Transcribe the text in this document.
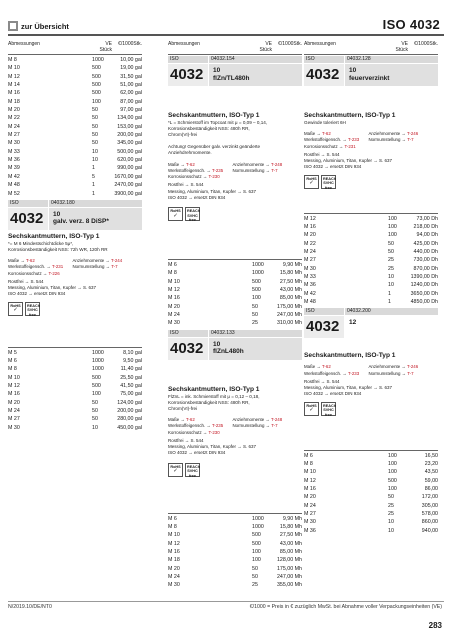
zur Übersicht	ISO 4032
Abmessungen	VE Stück
€/1000Stk.
M 8	1000	10,00 gal
M 10	500	19,00 gal
M 12	500	31,50 gal
M 14	500	51,00 gal
M 16	500	62,00 gal
M 18	100	87,00 gal
M 20	50	97,00 gal
M 22	50	134,00 gal
M 24	50	153,00 gal
M 27	50	200,00 gal
M 30	50	345,00 gal
M 33	10	500,00 gal
M 36	10	620,00 gal
M 39	1	990,00 gal
M 42	5	1670,00 gal
M 48	1	2470,00 gal
M 52	1	3900,00 gal
ISO	04032.180
4032	10
galv. verz. 8 DiSP*
Sechskantmuttern, ISO-Typ 1
*= M 6 Mindestschichtdicke 5μ*,
Korrosionsbeständigkeit NSS: 72h WR, 120h RR
Maße → T-62
Werkstoffeigensch. → T-231
Korrosionsschutz → T-226
Anziehmomente → T-244
Normumstellung → T-7
Rostfrei → S. 544
Messing, Aluminium, Titan, Kupfer → S. 637
ISO 4032 → ersetzt DIN 934
RoHS
✓
REACh SVHC free
M 5	1000	8,10 gal
M 6	1000	9,50 gal
M 8	1000	11,40 gal
M 10	500	25,50 gal
M 12	500	41,50 gal
M 16	100	75,00 gal
M 20	50	124,00 gal
M 24	50	200,00 gal
M 27	50	280,00 gal
M 30	10	450,00 gal
Abmessungen	VE Stück
€/1000Stk.
ISO	04032.154
4032	10
flZn/TL480h
Sechskantmuttern, ISO-Typ 1
*L = Schmierstoff im Topcoat mit μ = 0,09 – 0,14,
Korrosionsbeständigkeit NSS: 480h RR,
Chrom(VI)-frei

Achtung! Gegenüber galv. verzinkt geänderte
Anziehdrehmomente.
Maße → T-62
Werkstoffeigensch. → T-235
Korrosionsschutz → T-230
Anziehmomente → T-248
Normumstellung → T-7
Rostfrei → S. 544
Messing, Aluminium, Titan, Kupfer → S. 637
ISO 4032 → ersetzt DIN 934
RoHS
✓
REACh SVHC free
M 6	1000	9,90 Mh
M 8	1000	15,80 Mh
M 10	500	27,50 Mh
M 12	500	43,00 Mh
M 16	100	85,00 Mh
M 20	50	175,00 Mh
M 24	50	247,00 Mh
M 30	25	310,00 Mh
ISO	04032.133
4032	10
flZnL480h
Sechskantmuttern, ISO-Typ 1
FlZnL = ink. Schmierstoff mit μ = 0,12 – 0,18,
Korrosionsbeständigkeit NSS: 480h RR,
Chrom(VI)-frei
Maße → T-62
Werkstoffeigensch. → T-235
Korrosionsschutz → T-230
Anziehmomente → T-248
Normumstellung → T-7
Rostfrei → S. 544
Messing, Aluminium, Titan, Kupfer → S. 637
ISO 4032 → ersetzt DIN 934
RoHS
✓
REACh SVHC free
M 6	1000	9,90 Mh
M 8	1000	15,80 Mh
M 10	500	27,50 Mh
M 12	500	43,00 Mh
M 16	100	85,00 Mh
M 18	100	128,00 Mh
M 20	50	175,00 Mh
M 24	50	247,00 Mh
M 30	25	355,00 Mh
Abmessungen	VE Stück
€/1000Stk.
ISO	04032.128
4032	10
feuerverzinkt
Sechskantmuttern, ISO-Typ 1
Gewinde toleriert 6H
Maße → T-62
Werkstoffeigensch. → T-233
Korrosionsschutz → T-231
Anziehmomente → T-246
Normumstellung → T-7
Rostfrei → S. 544
Messing, Aluminium, Titan, Kupfer → S. 637
ISO 4032 → ersetzt DIN 934
RoHS
✓
REACh SVHC free
M 12	100	73,00 Dh
M 16	100	218,00 Dh
M 20	100	94,00 Dh
M 22	50	425,00 Dh
M 24	50	440,00 Dh
M 27	25	730,00 Dh
M 30	25	870,00 Dh
M 33	10	1390,00 Dh
M 36	10	1240,00 Dh
M 42	1	3650,00 Dh
M 48	1	4850,00 Dh
ISO	04032.200
4032	12
Sechskantmuttern, ISO-Typ 1
Maße → T-62
Werkstoffeigensch. → T-233
Anziehmomente → T-246
Normumstellung → T-7
Rostfrei → S. 544
Messing, Aluminium, Titan, Kupfer → S. 637
ISO 4032 → ersetzt DIN 934
RoHS
✓
REACh SVHC free
M 6	100	16,50
M 8	100	23,20
M 10	100	43,50
M 12	500	59,00
M 16	100	86,00
M 20	50	172,00
M 24	25	305,00
M 27	25	578,00
M 30	10	860,00
M 36	10	940,00
N/2019.10/DE/NT0	€/1000 = Preis in € zuzüglich MwSt. bei Abnahme voller Verpackungseinheiten (VE)
283
